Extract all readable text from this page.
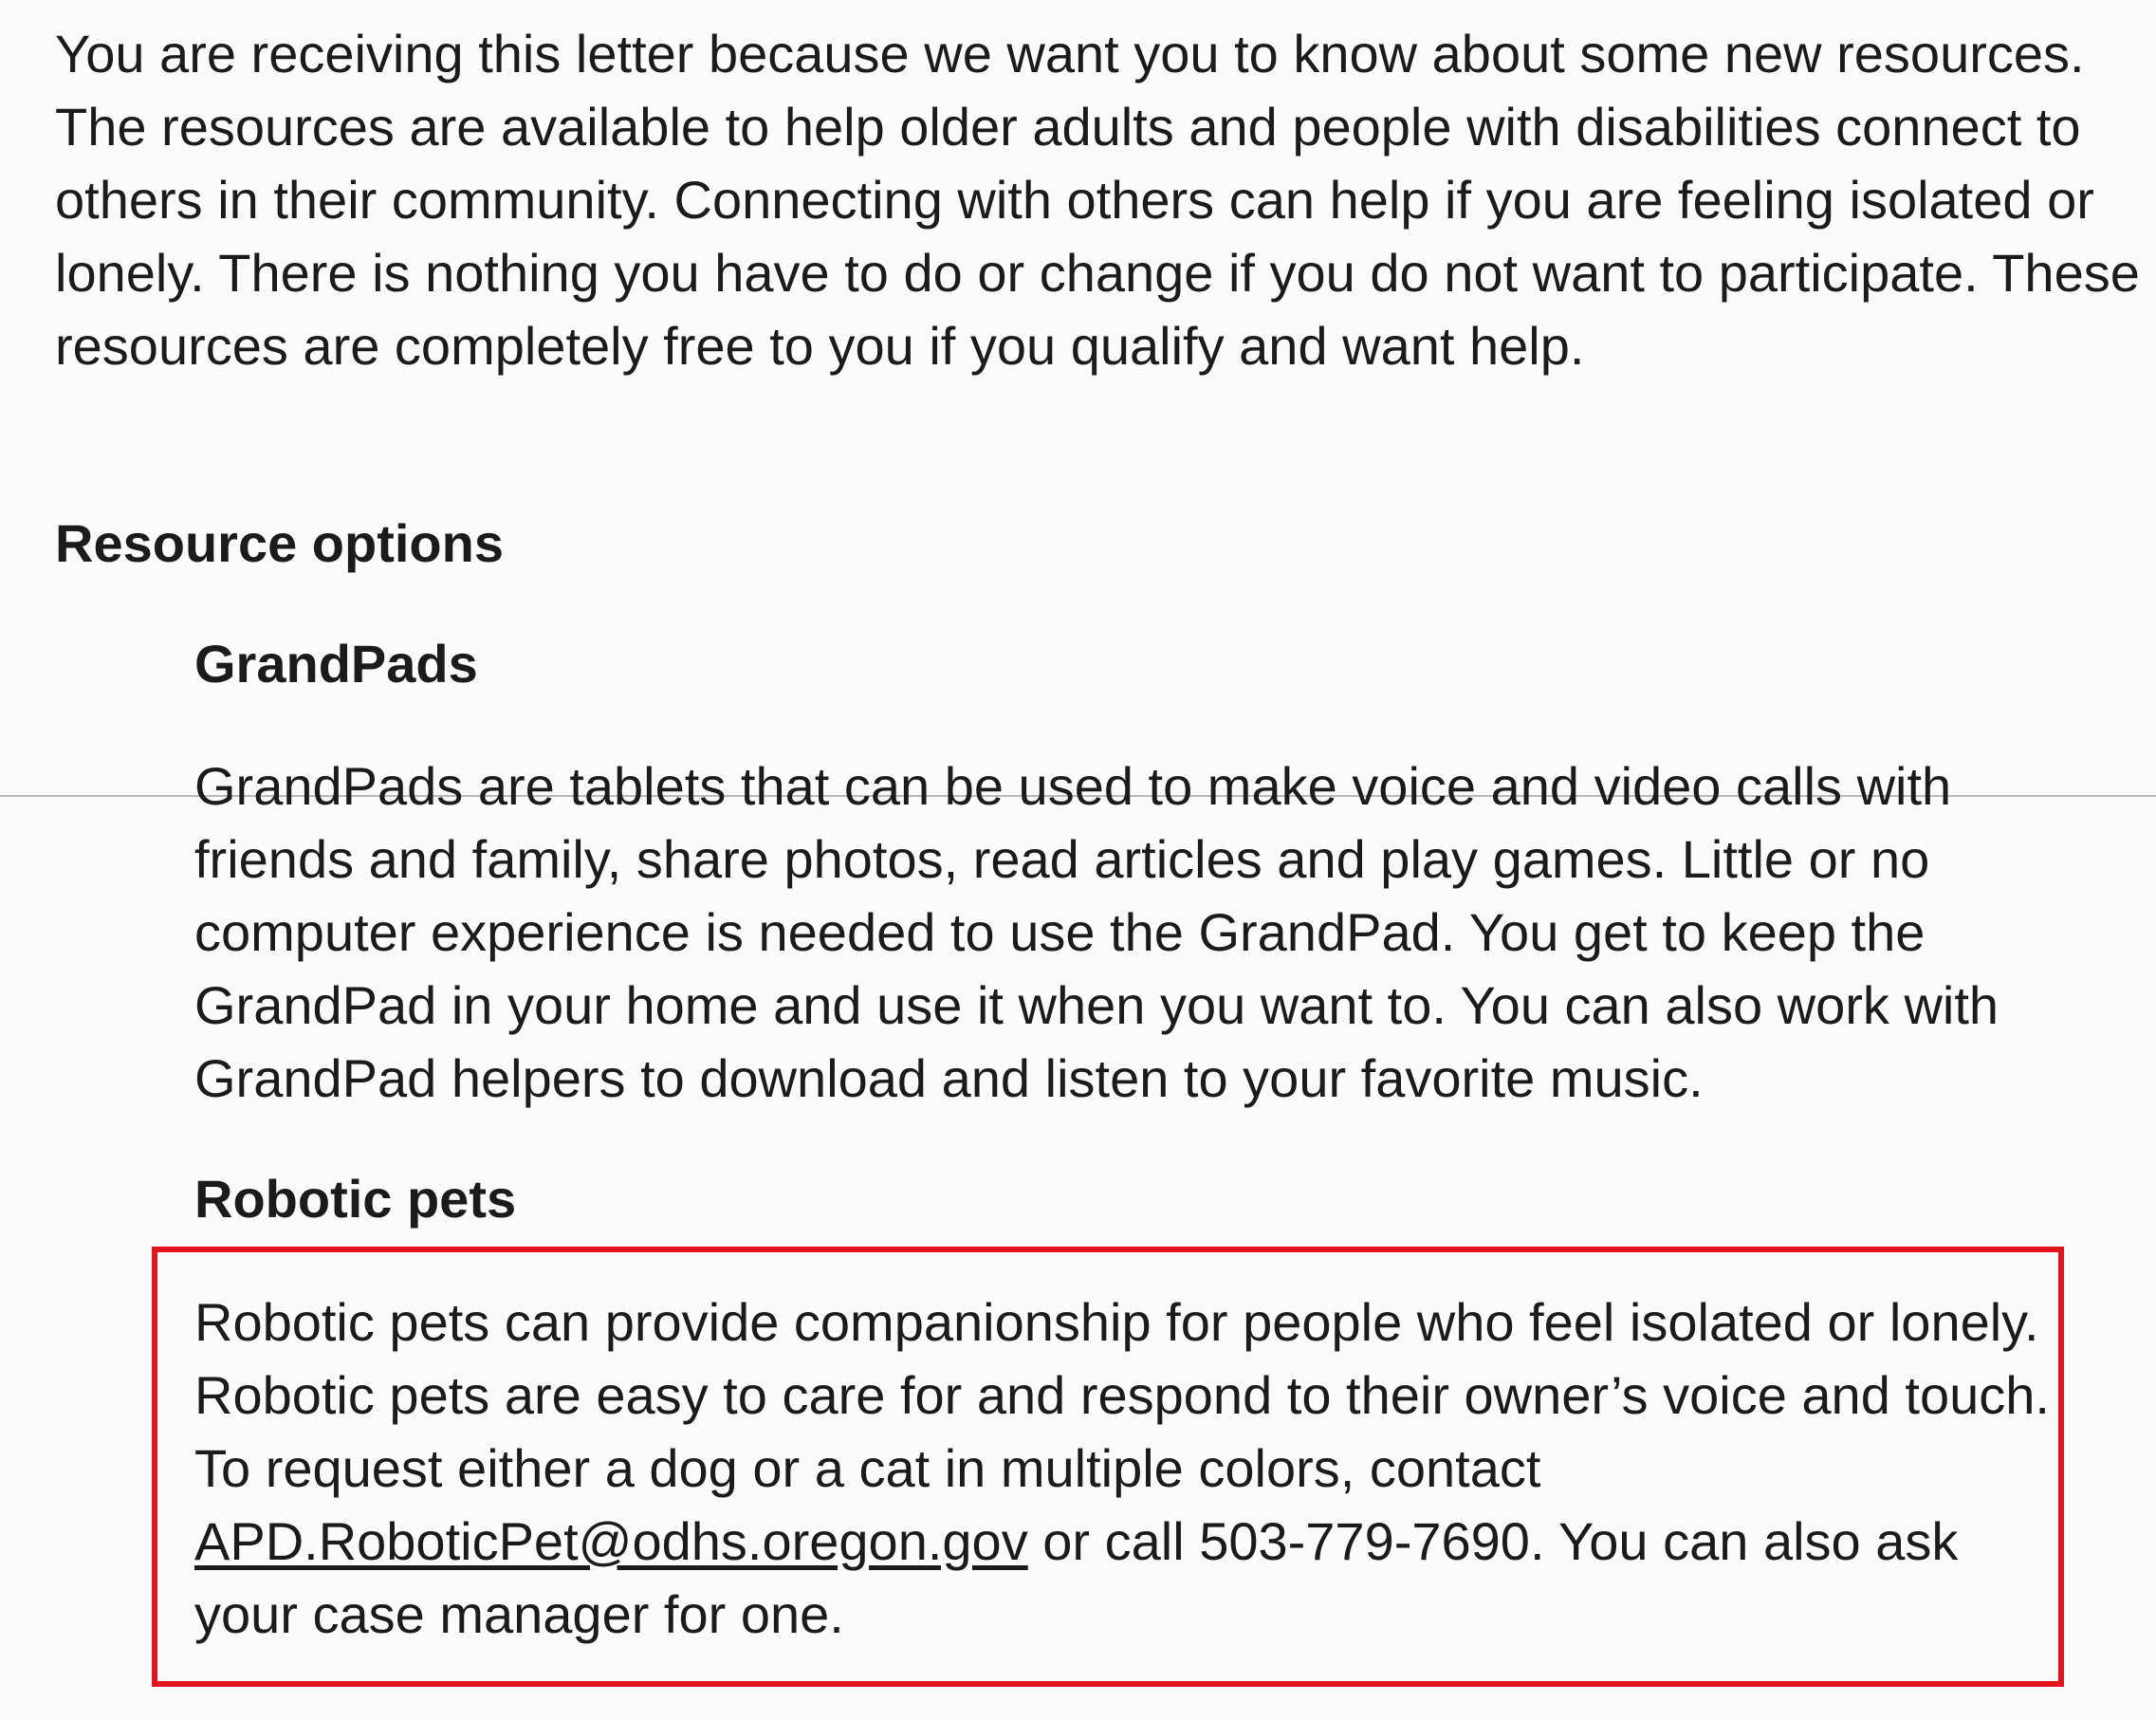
You are receiving this letter because we want you to know about some new resources. The resources are available to help older adults and people with disabilities connect to others in their community. Connecting with others can help if you are feeling isolated or lonely. There is nothing you have to do or change if you do not want to participate. These resources are completely free to you if you qualify and want help.

Resource options
GrandPads

GrandPads are tablets that can be used to make voice and video calls with friends and family, share photos, read articles and play games. Little or no computer experience is needed to use the GrandPad. You get to keep the GrandPad in your home and use it when you want to. You can also work with GrandPad helpers to download and listen to your favorite music.

Robotic pets

Robotic pets can provide companionship for people who feel isolated or lonely. Robotic pets are easy to care for and respond to their owner’s voice and touch. To request either a dog or a cat in multiple colors, contact APD.RoboticPet@odhs.oregon.gov or call 503-779-7690. You can also ask your case manager for one.
